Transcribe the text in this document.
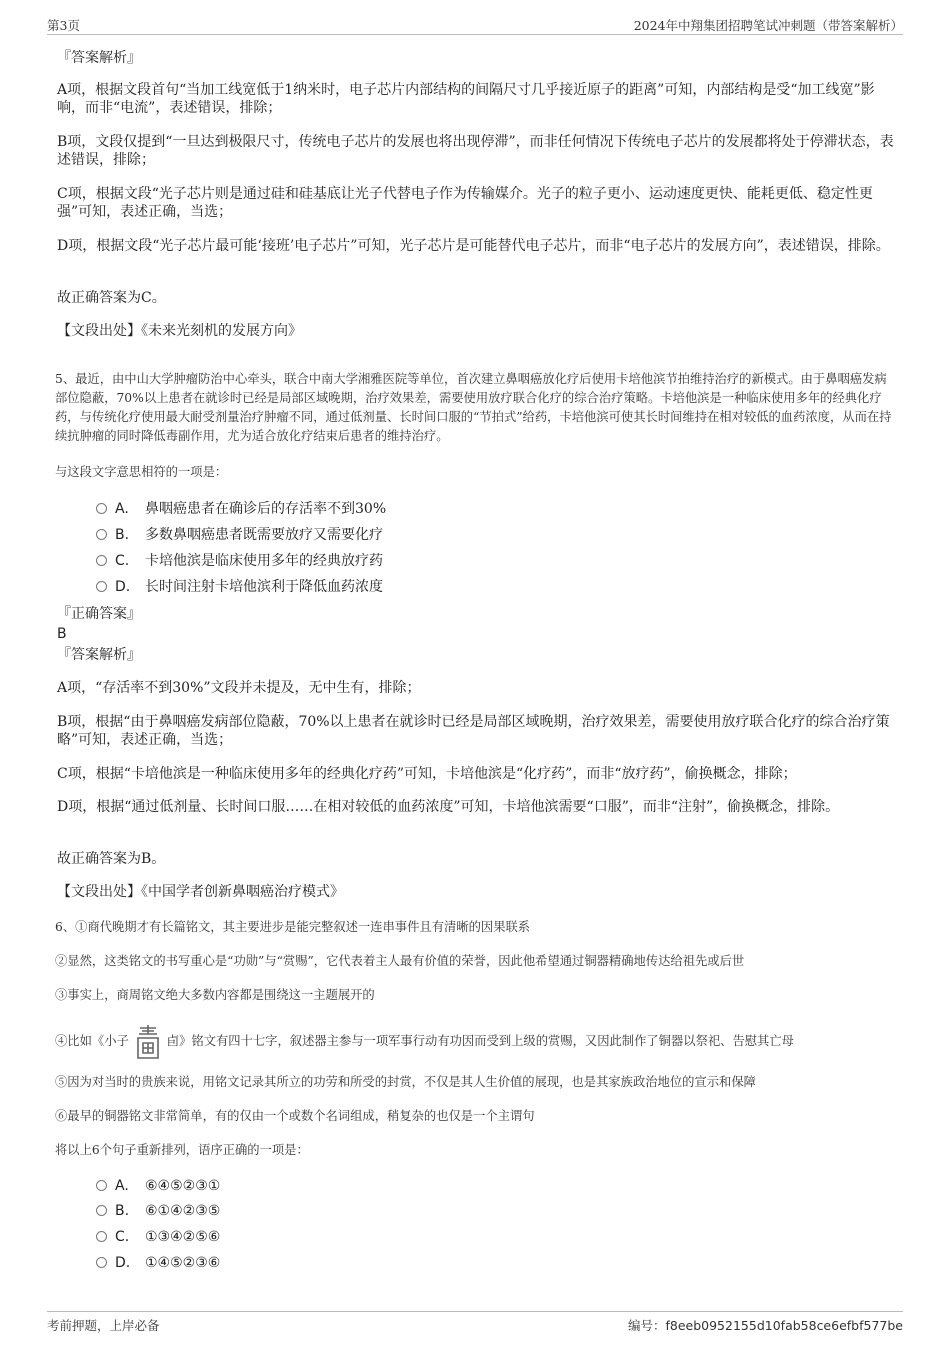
第3页	2024年中翔集团招聘笔试冲刺题（带答案解析）
『答案解析』
A项，根据文段首句“当加工线宽低于1纳米时，电子芯片内部结构的间隔尺寸几乎接近原子的距离”可知，内部结构是受“加工线宽”影响，而非“电流”，表述错误，排除；
B项，文段仅提到“一旦达到极限尺寸，传统电子芯片的发展也将出现停滞”，而非任何情况下传统电子芯片的发展都将处于停滞状态，表述错误，排除；
C项，根据文段“光子芯片则是通过硅和硅基底让光子代替电子作为传输媒介。光子的粒子更小、运动速度更快、能耗更低、稳定性更强”可知，表述正确，当选；
D项，根据文段“光子芯片最可能‘接班’电子芯片”可知，光子芯片是可能替代电子芯片，而非“电子芯片的发展方向”，表述错误，排除。
故正确答案为C。
【文段出处】《未来光刻机的发展方向》
5、最近，由中山大学肿瘤防治中心牵头，联合中南大学湘雅医院等单位，首次建立鼻咽癌放化疗后使用卡培他滨节拍维持治疗的新模式。由于鼻咽癌发病部位隐蔽，70%以上患者在就诊时已经是局部区域晚期，治疗效果差，需要使用放疗联合化疗的综合治疗策略。卡培他滨是一种临床使用多年的经典化疗药，与传统化疗使用最大耐受剂量治疗肿瘤不同，通过低剂量、长时间口服的“节拍式”给药，卡培他滨可使其长时间维持在相对较低的血药浓度，从而在持续抗肿瘤的同时降低毒副作用，尤为适合放化疗结束后患者的维持治疗。
与这段文字意思相符的一项是：
A. 鼻咽癌患者在确诊后的存活率不到30%
B. 多数鼻咽癌患者既需要放疗又需要化疗
C. 卡培他滨是临床使用多年的经典放疗药
D. 长时间注射卡培他滨利于降低血药浓度
『正确答案』
B
『答案解析』
A项，“存活率不到30%”文段并未提及，无中生有，排除；
B项，根据“由于鼻咽癌发病部位隐蔽，70%以上患者在就诊时已经是局部区域晚期，治疗效果差，需要使用放疗联合化疗的综合治疗策略”可知，表述正确，当选；
C项，根据“卡培他滨是一种临床使用多年的经典化疗药”可知，卡培他滨是“化疗药”，而非“放疗药”，偷换概念，排除；
D项，根据“通过低剂量、长时间口服……在相对较低的血药浓度”可知，卡培他滨需要“口服”，而非“注射”，偷换概念，排除。
故正确答案为B。
【文段出处】《中国学者创新鼻咽癌治疗模式》
6、①商代晚期才有长篇铭文，其主要进步是能完整叙述一连串事件且有清晰的因果联系
②显然，这类铭文的书写重心是“功勋”与“赏赐”，它代表着主人最有价值的荣誉，因此他希望通过铜器精确地传达给祖先或后世
③事实上，商周铭文绝大多数内容都是围绕这一主题展开的
④比如《小子	卣》铭文有四十七字，叙述器主参与一项军事行动有功因而受到上级的赏赐，又因此制作了铜器以祭祀、告慰其亡母
⑤因为对当时的贵族来说，用铭文记录其所立的功劳和所受的封赏，不仅是其人生价值的展现，也是其家族政治地位的宣示和保障
⑥最早的铜器铭文非常简单，有的仅由一个或数个名词组成，稍复杂的也仅是一个主谓句
将以上6个句子重新排列，语序正确的一项是：
A. ⑥④⑤②③①
B. ⑥①④②③⑤
C. ①③④②⑤⑥
D. ①④⑤②③⑥
考前押题，上岸必备	编号：f8eeb0952155d10fab58ce6efbf577be
